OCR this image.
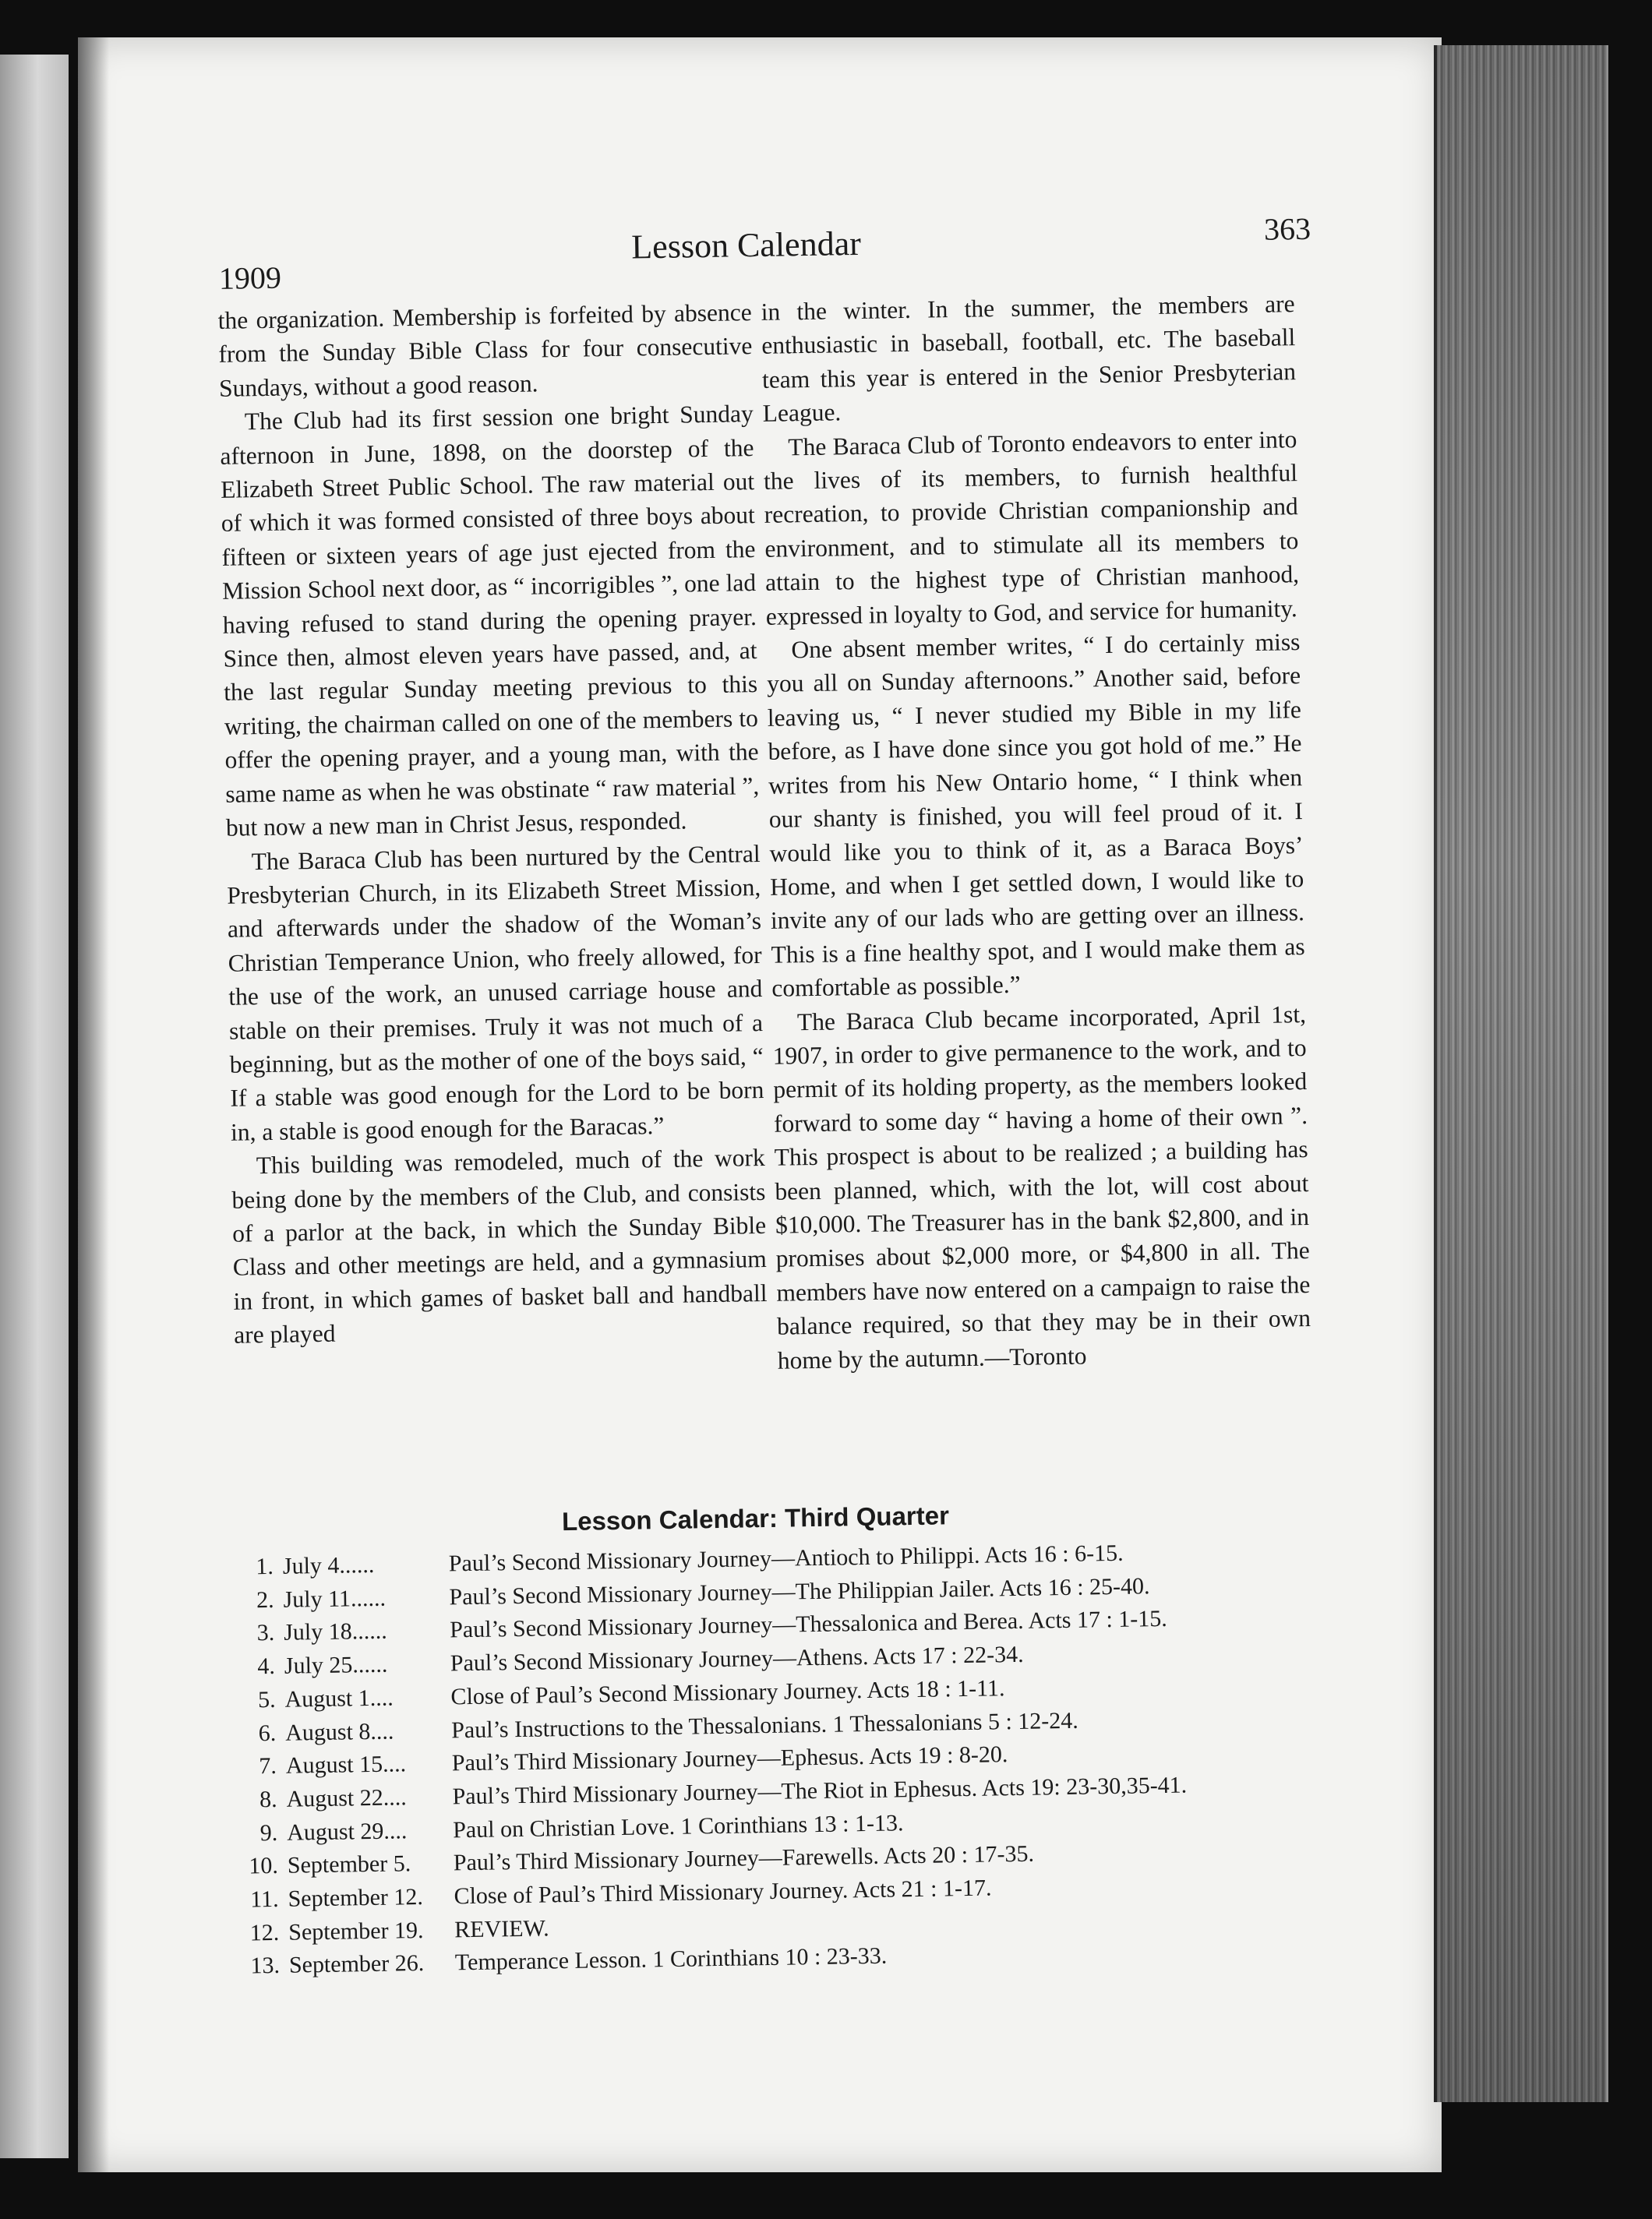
1909
Lesson Calendar	363

the organization. Membership is forfeited by absence from the Sunday Bible Class for four consecutive Sundays, without a good reason.

The Club had its first session one bright Sunday afternoon in June, 1898, on the doorstep of the Elizabeth Street Public School. The raw material out of which it was formed consisted of three boys about fifteen or sixteen years of age just ejected from the Mission School next door, as “ incorrigibles ”, one lad having refused to stand during the opening prayer. Since then, almost eleven years have passed, and, at the last regular Sunday meeting previous to this writing, the chairman called on one of the members to offer the opening prayer, and a young man, with the same name as when he was obstinate “ raw material ”, but now a new man in Christ Jesus, responded.

The Baraca Club has been nurtured by the Central Presbyterian Church, in its Elizabeth Street Mission, and afterwards under the shadow of the Woman’s Christian Temperance Union, who freely allowed, for the use of the work, an unused carriage house and stable on their premises. Truly it was not much of a beginning, but as the mother of one of the boys said, “ If a stable was good enough for the Lord to be born in, a stable is good enough for the Baracas.”

This building was remodeled, much of the work being done by the members of the Club, and consists of a parlor at the back, in which the Sunday Bible Class and other meetings are held, and a gymnasium in front, in which games of basket ball and handball are played

in the winter. In the summer, the members are enthusiastic in baseball, football, etc. The baseball team this year is entered in the Senior Presbyterian League.

The Baraca Club of Toronto endeavors to enter into the lives of its members, to furnish healthful recreation, to provide Christian companionship and environment, and to stimulate all its members to attain to the highest type of Christian manhood, expressed in loyalty to God, and service for humanity.

One absent member writes, “ I do certainly miss you all on Sunday afternoons.” Another said, before leaving us, “ I never studied my Bible in my life before, as I have done since you got hold of me.” He writes from his New Ontario home, “ I think when our shanty is finished, you will feel proud of it. I would like you to think of it, as a Baraca Boys’ Home, and when I get settled down, I would like to invite any of our lads who are getting over an illness. This is a fine healthy spot, and I would make them as comfortable as possible.”

The Baraca Club became incorporated, April 1st, 1907, in order to give permanence to the work, and to permit of its holding property, as the members looked forward to some day “ having a home of their own ”. This prospect is about to be realized ; a building has been planned, which, with the lot, will cost about $10,000. The Treasurer has in the bank $2,800, and in promises about $2,000 more, or $4,800 in all. The members have now entered on a campaign to raise the balance required, so that they may be in their own home by the autumn.—Toronto

Lesson Calendar: Third Quarter
1. July 4......	Paul’s Second Missionary Journey—Antioch to Philippi. Acts 16 : 6-15.
2. July 11......	Paul’s Second Missionary Journey—The Philippian Jailer. Acts 16 : 25-40.
3. July 18......	Paul’s Second Missionary Journey—Thessalonica and Berea. Acts 17 : 1-15.
4. July 25......	Paul’s Second Missionary Journey—Athens. Acts 17 : 22-34.
5. August 1....	Close of Paul’s Second Missionary Journey. Acts 18 : 1-11.
6. August 8....	Paul’s Instructions to the Thessalonians. 1 Thessalonians 5 : 12-24.
7. August 15....	Paul’s Third Missionary Journey—Ephesus. Acts 19 : 8-20.
8. August 22....	Paul’s Third Missionary Journey—The Riot in Ephesus. Acts 19: 23-30,35-41.
9. August 29....	Paul on Christian Love. 1 Corinthians 13 : 1-13.
10. September 5.	Paul’s Third Missionary Journey—Farewells. Acts 20 : 17-35.
11. September 12.	Close of Paul’s Third Missionary Journey. Acts 21 : 1-17.
12. September 19.	REVIEW.
13. September 26.	Temperance Lesson. 1 Corinthians 10 : 23-33.
